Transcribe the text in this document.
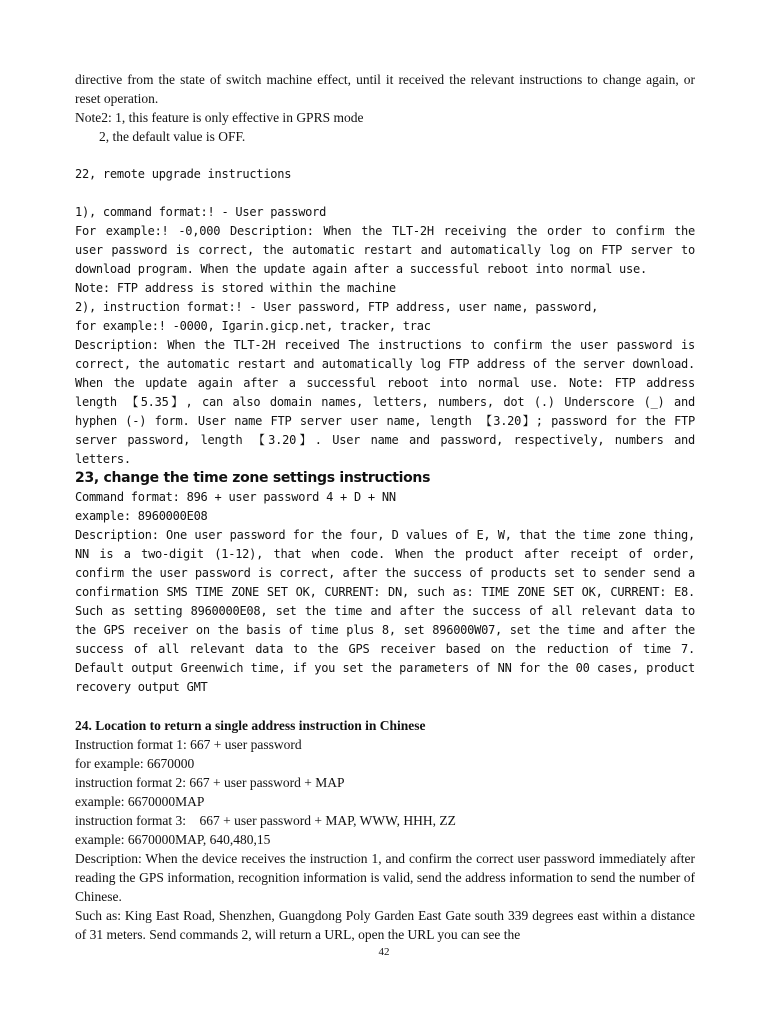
directive from the state of switch machine effect, until it received the relevant instructions to change again, or reset operation.

Note2: 1, this feature is only effective in GPRS mode

2, the default value is OFF.

22, remote upgrade instructions

1), command format:! - User password

For example:! -0,000 Description: When the TLT-2H receiving the order to confirm the user password is correct, the automatic restart and automatically log on FTP server to download program. When the update again after a successful reboot into normal use.

Note: FTP address is stored within the machine

2), instruction format:! - User password, FTP address, user name, password,

for example:! -0000, Igarin.gicp.net, tracker, trac

Description: When the TLT-2H received The instructions to confirm the user password is correct, the automatic restart and automatically log FTP address of the server download. When the update again after a successful reboot into normal use. Note: FTP address length 【5.35】, can also domain names, letters, numbers, dot (.) Underscore (_) and hyphen (-) form. User name FTP server user name, length 【3.20】; password for the FTP server password, length 【3.20】. User name and password, respectively, numbers and letters.

23, change the time zone settings instructions

Command format: 896 + user password 4 + D + NN

example: 8960000E08

Description: One user password for the four, D values of E, W, that the time zone thing, NN is a two-digit (1-12), that when code. When the product after receipt of order, confirm the user password is correct, after the success of products set to sender send a confirmation SMS TIME ZONE SET OK, CURRENT: DN, such as: TIME ZONE SET OK, CURRENT: E8. Such as setting 8960000E08, set the time and after the success of all relevant data to the GPS receiver on the basis of time plus 8, set 896000W07, set the time and after the success of all relevant data to the GPS receiver based on the reduction of time 7. Default output Greenwich time, if you set the parameters of NN for the 00 cases, product recovery output GMT

24. Location to return a single address instruction in Chinese

Instruction format 1: 667 + user password

for example: 6670000

instruction format 2: 667 + user password + MAP

example: 6670000MAP

instruction format 3:    667 + user password + MAP, WWW, HHH, ZZ

example: 6670000MAP, 640,480,15

Description: When the device receives the instruction 1, and confirm the correct user password immediately after reading the GPS information, recognition information is valid, send the address information to send the number of Chinese.

Such as: King East Road, Shenzhen, Guangdong Poly Garden East Gate south 339 degrees east within a distance of 31 meters. Send commands 2, will return a URL, open the URL you can see the

42
